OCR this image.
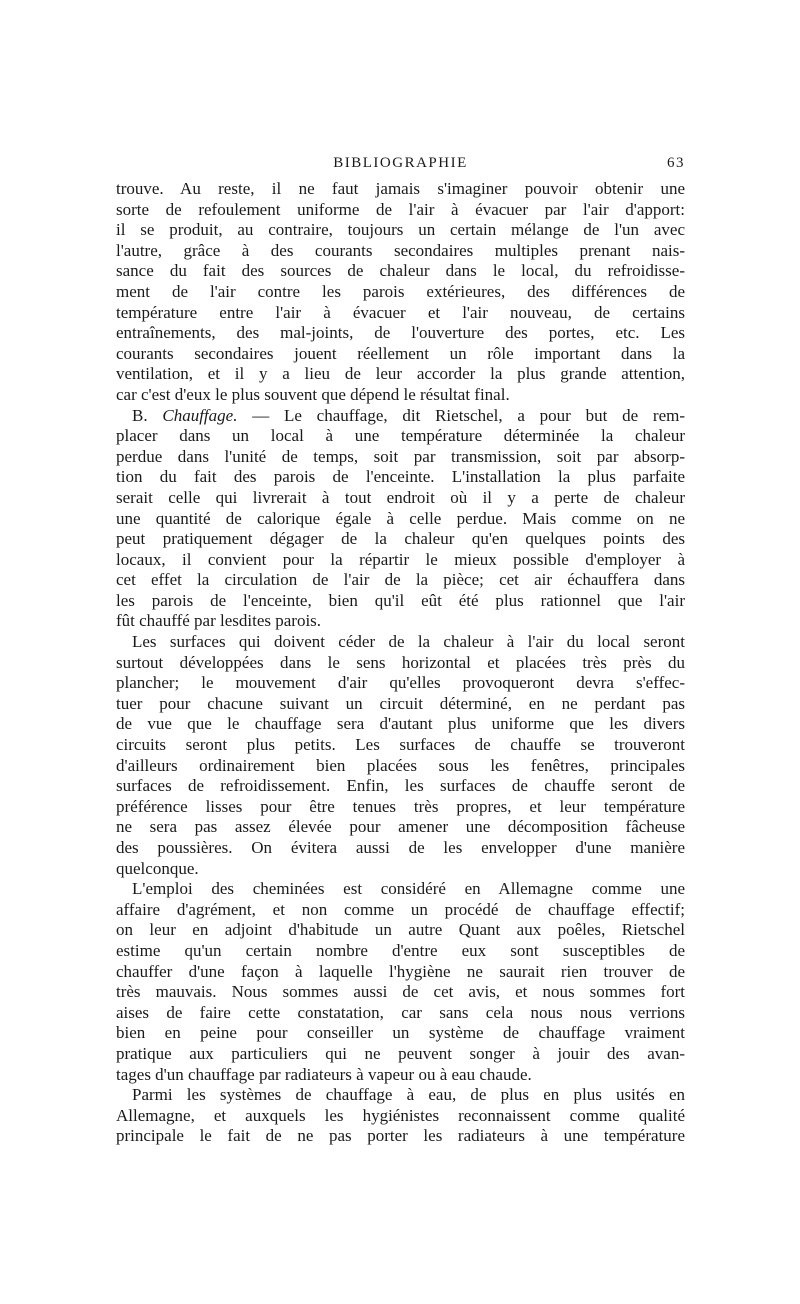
BIBLIOGRAPHIE	63
trouve. Au reste, il ne faut jamais s'imaginer pouvoir obtenir une
sorte de refoulement uniforme de l'air à évacuer par l'air d'apport:
il se produit, au contraire, toujours un certain mélange de l'un avec
l'autre, grâce à des courants secondaires multiples prenant nais-
sance du fait des sources de chaleur dans le local, du refroidisse-
ment de l'air contre les parois extérieures, des différences de
température entre l'air à évacuer et l'air nouveau, de certains
entraînements, des mal-joints, de l'ouverture des portes, etc. Les
courants secondaires jouent réellement un rôle important dans la
ventilation, et il y a lieu de leur accorder la plus grande attention,
car c'est d'eux le plus souvent que dépend le résultat final.
B. Chauffage. — Le chauffage, dit Rietschel, a pour but de rem-
placer dans un local à une température déterminée la chaleur
perdue dans l'unité de temps, soit par transmission, soit par absorp-
tion du fait des parois de l'enceinte. L'installation la plus parfaite
serait celle qui livrerait à tout endroit où il y a perte de chaleur
une quantité de calorique égale à celle perdue. Mais comme on ne
peut pratiquement dégager de la chaleur qu'en quelques points des
locaux, il convient pour la répartir le mieux possible d'employer à
cet effet la circulation de l'air de la pièce; cet air échauffera dans
les parois de l'enceinte, bien qu'il eût été plus rationnel que l'air
fût chauffé par lesdites parois.
Les surfaces qui doivent céder de la chaleur à l'air du local seront
surtout développées dans le sens horizontal et placées très près du
plancher; le mouvement d'air qu'elles provoqueront devra s'effec-
tuer pour chacune suivant un circuit déterminé, en ne perdant pas
de vue que le chauffage sera d'autant plus uniforme que les divers
circuits seront plus petits. Les surfaces de chauffe se trouveront
d'ailleurs ordinairement bien placées sous les fenêtres, principales
surfaces de refroidissement. Enfin, les surfaces de chauffe seront de
préférence lisses pour être tenues très propres, et leur température
ne sera pas assez élevée pour amener une décomposition fâcheuse
des poussières. On évitera aussi de les envelopper d'une manière
quelconque.
L'emploi des cheminées est considéré en Allemagne comme une
affaire d'agrément, et non comme un procédé de chauffage effectif;
on leur en adjoint d'habitude un autre Quant aux poêles, Rietschel
estime qu'un certain nombre d'entre eux sont susceptibles de
chauffer d'une façon à laquelle l'hygiène ne saurait rien trouver de
très mauvais. Nous sommes aussi de cet avis, et nous sommes fort
aises de faire cette constatation, car sans cela nous nous verrions
bien en peine pour conseiller un système de chauffage vraiment
pratique aux particuliers qui ne peuvent songer à jouir des avan-
tages d'un chauffage par radiateurs à vapeur ou à eau chaude.
Parmi les systèmes de chauffage à eau, de plus en plus usités en
Allemagne, et auxquels les hygiénistes reconnaissent comme qualité
principale le fait de ne pas porter les radiateurs à une température
